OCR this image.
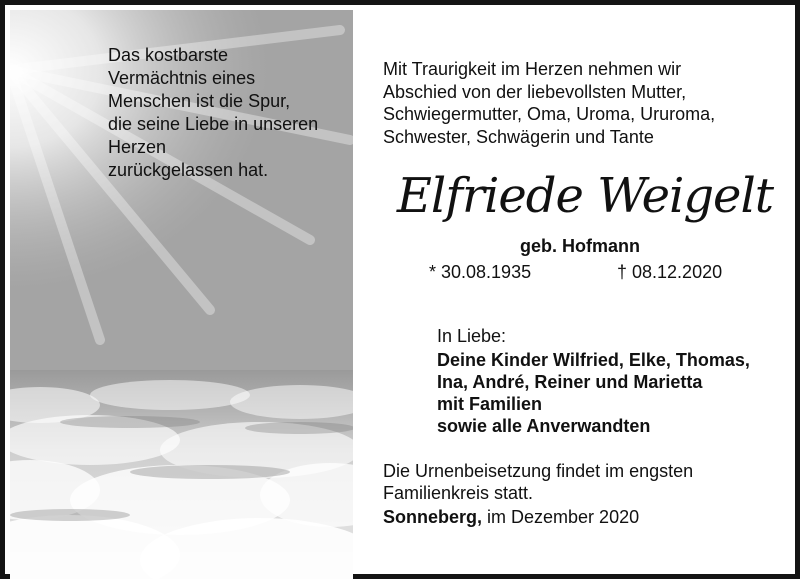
Das kostbarste
Vermächtnis eines
Menschen ist die Spur,
die seine Liebe in unseren
Herzen
zurückgelassen hat.

Mit Traurigkeit im Herzen nehmen wir
Abschied von der liebevollsten Mutter,
Schwiegermutter, Oma, Uroma, Ururoma,
Schwester, Schwägerin und Tante

Elfriede Weigelt

geb. Hofmann

* 30.08.1935	† 08.12.2020

In Liebe:

Deine Kinder Wilfried, Elke, Thomas,
Ina, André, Reiner und Marietta
mit Familien
sowie alle Anverwandten

Die Urnenbeisetzung findet im engsten
Familienkreis statt.

Sonneberg, im Dezember 2020
